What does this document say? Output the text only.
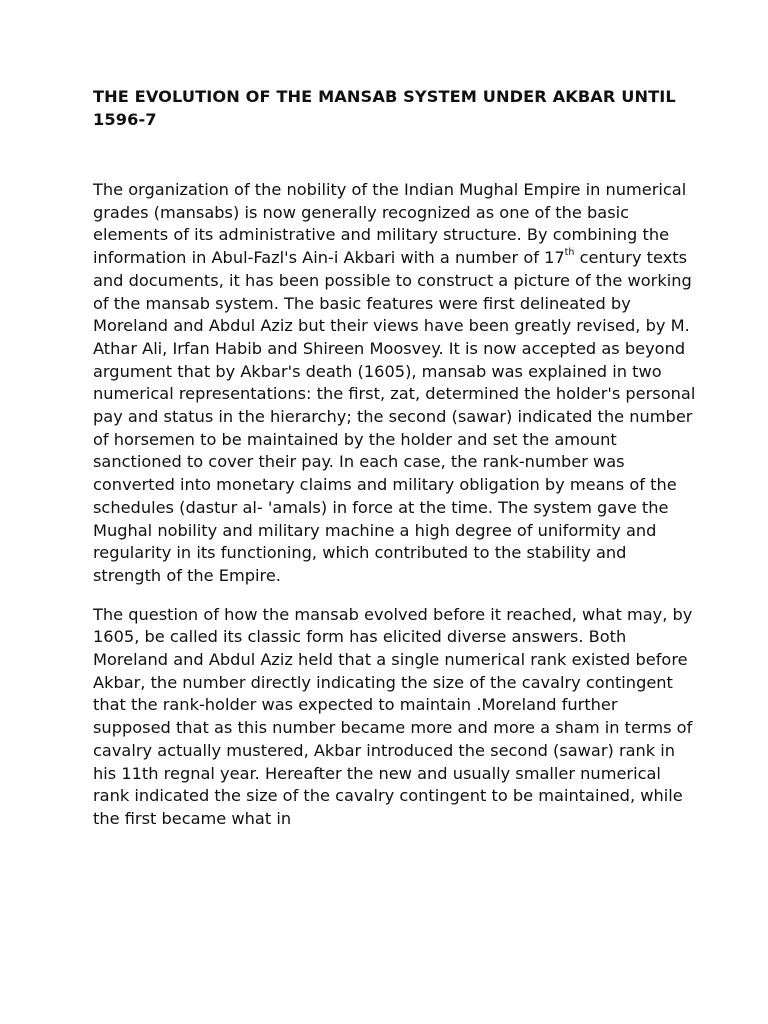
THE EVOLUTION OF THE MANSAB SYSTEM UNDER AKBAR UNTIL 1596-7

The organization of the nobility of the Indian Mughal Empire in numerical grades (mansabs) is now generally recognized as one of the basic elements of its administrative and military structure. By combining the information in Abul-Fazl's Ain-i Akbari with a number of 17th century texts and documents, it has been possible to construct a picture of the working of the mansab system. The basic features were first delineated by Moreland and Abdul Aziz but their views have been greatly revised, by M. Athar Ali, Irfan Habib and Shireen Moosvey. It is now accepted as beyond argument that by Akbar's death (1605), mansab was explained in two numerical representations: the first, zat, determined the holder's personal pay and status in the hierarchy; the second (sawar) indicated the number of horsemen to be maintained by the holder and set the amount sanctioned to cover their pay. In each case, the rank-number was converted into monetary claims and military obligation by means of the schedules (dastur al- 'amals) in force at the time. The system gave the Mughal nobility and military machine a high degree of uniformity and regularity in its functioning, which contributed to the stability and strength of the Empire.

The question of how the mansab evolved before it reached, what may, by 1605, be called its classic form has elicited diverse answers. Both Moreland and Abdul Aziz held that a single numerical rank existed before Akbar, the number directly indicating the size of the cavalry contingent that the rank-holder was expected to maintain .Moreland further supposed that as this number became more and more a sham in terms of cavalry actually mustered, Akbar introduced the second (sawar) rank in his 11th regnal year. Hereafter the new and usually smaller numerical rank indicated the size of the cavalry contingent to be maintained, while the first became what in
